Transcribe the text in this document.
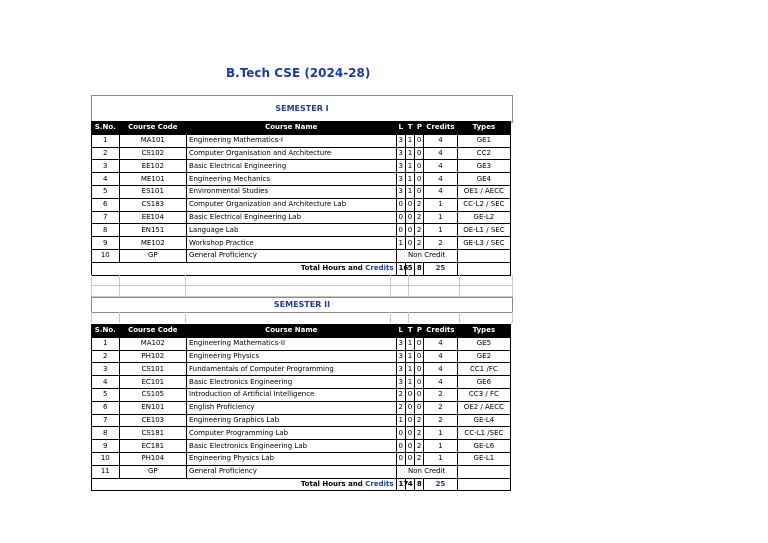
B.Tech CSE (2024-28)
SEMESTER I
S.No.	Course Code	Course Name	L	T	P	Credits	Types
1	MA101	Engineering Mathematics-I	3	1	0	4	GE1
2	CS102	Computer Organisation and Architecture	3	1	0	4	CC2
3	EE102	Basic Electrical Engineering	3	1	0	4	GE3
4	ME101	Engineering Mechanics	3	1	0	4	GE4
5	ES101	Environmental Studies	3	1	0	4	OE1 / AECC
6	CS183	Computer Organization and Architecture Lab	0	0	2	1	CC-L2 / SEC
7	EE104	Basic Electrical Engineering Lab	0	0	2	1	GE-L2
8	EN151	Language Lab	0	0	2	1	OE-L1 / SEC
9	ME102	Workshop Practice	1	0	2	2	GE-L3 / SEC
10	GP	General Proficiency	Non Credit				
Total Hours and Credits			16	5	8	25	
SEMESTER II
S.No.	Course Code	Course Name	L	T	P	Credits	Types
1	MA102	Engineering Mathematics-II	3	1	0	4	GE5
2	PH102	Engineering Physics	3	1	0	4	GE2
3	CS101	Fundamentals of Computer Programming	3	1	0	4	CC1 /FC
4	EC101	Basic Electronics Engineering	3	1	0	4	GE6
5	CS105	Introduction of Artificial Intelligence	2	0	0	2	CC3 / FC
6	EN101	English Proficiency	2	0	0	2	OE2 / AECC
7	CE103	Engineering Graphics Lab	1	0	2	2	GE-L4
8	CS181	Computer Programming Lab	0	0	2	1	CC-L1 /SEC
9	EC181	Basic Electronics Engineering Lab	0	0	2	1	GE-L6
10	PH104	Engineering Physics Lab	0	0	2	1	GE-L1
11	GP	General Proficiency	Non Credit				
Total Hours and Credits			17	4	8	25	
